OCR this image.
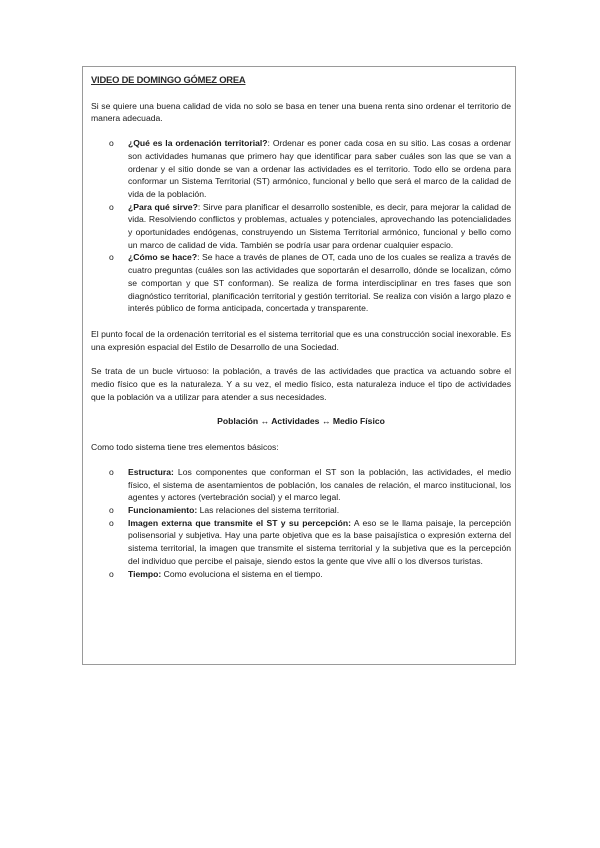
VIDEO DE DOMINGO GÓMEZ OREA

Si se quiere una buena calidad de vida no solo se basa en tener una buena renta sino ordenar el territorio de manera adecuada.

o ¿Qué es la ordenación territorial?: Ordenar es poner cada cosa en su sitio. Las cosas a ordenar son actividades humanas que primero hay que identificar para saber cuáles son las que se van a ordenar y el sitio donde se van a ordenar las actividades es el territorio. Todo ello se ordena para conformar un Sistema Territorial (ST) armónico, funcional y bello que será el marco de la calidad de vida de la población.
o ¿Para qué sirve?: Sirve para planificar el desarrollo sostenible, es decir, para mejorar la calidad de vida. Resolviendo conflictos y problemas, actuales y potenciales, aprovechando las potencialidades y oportunidades endógenas, construyendo un Sistema Territorial armónico, funcional y bello como un marco de calidad de vida. También se podría usar para ordenar cualquier espacio.
o ¿Cómo se hace?: Se hace a través de planes de OT, cada uno de los cuales se realiza a través de cuatro preguntas (cuáles son las actividades que soportarán el desarrollo, dónde se localizan, cómo se comportan y que ST conforman). Se realiza de forma interdisciplinar en tres fases que son diagnóstico territorial, planificación territorial y gestión territorial. Se realiza con visión a largo plazo e interés público de forma anticipada, concertada y transparente.

El punto focal de la ordenación territorial es el sistema territorial que es una construcción social inexorable. Es una expresión espacial del Estilo de Desarrollo de una Sociedad.

Se trata de un bucle virtuoso: la población, a través de las actividades que practica va actuando sobre el medio físico que es la naturaleza. Y a su vez, el medio físico, esta naturaleza induce el tipo de actividades que la población va a utilizar para atender a sus necesidades.

Población ↔ Actividades ↔ Medio Físico

Como todo sistema tiene tres elementos básicos:

o Estructura: Los componentes que conforman el ST son la población, las actividades, el medio físico, el sistema de asentamientos de población, los canales de relación, el marco institucional, los agentes y actores (vertebración social) y el marco legal.
o Funcionamiento: Las relaciones del sistema territorial.
o Imagen externa que transmite el ST y su percepción: A eso se le llama paisaje, la percepción polisensorial y subjetiva. Hay una parte objetiva que es la base paisajística o expresión externa del sistema territorial, la imagen que transmite el sistema territorial y la subjetiva que es la percepción del individuo que percibe el paisaje, siendo estos la gente que vive allí o los diversos turistas.
o Tiempo: Como evoluciona el sistema en el tiempo.
